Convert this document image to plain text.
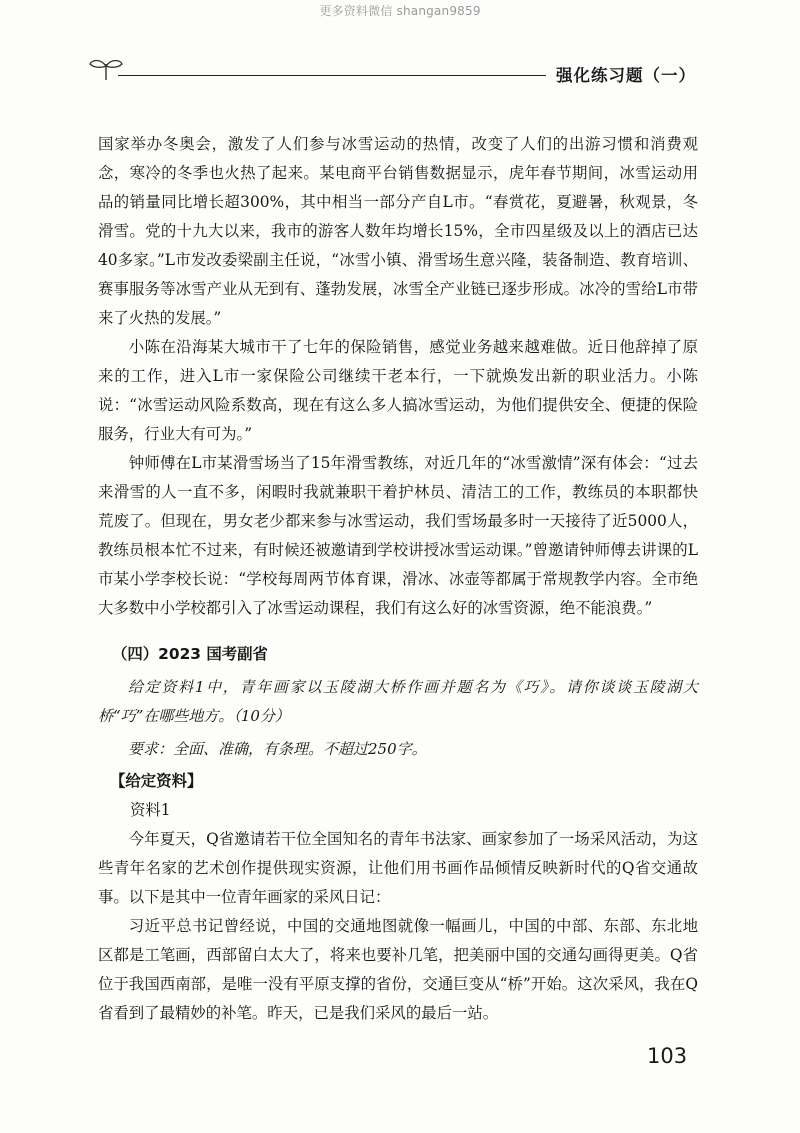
更多资料微信 shangan9859
强化练习题（一）

国家举办冬奥会，激发了人们参与冰雪运动的热情，改变了人们的出游习惯和消费观念，寒冷的冬季也火热了起来。某电商平台销售数据显示，虎年春节期间，冰雪运动用品的销量同比增长超300%，其中相当一部分产自L市。“春赏花，夏避暑，秋观景，冬滑雪。党的十九大以来，我市的游客人数年均增长15%，全市四星级及以上的酒店已达40多家。”L市发改委梁副主任说，“冰雪小镇、滑雪场生意兴隆，装备制造、教育培训、赛事服务等冰雪产业从无到有、蓬勃发展，冰雪全产业链已逐步形成。冰冷的雪给L市带来了火热的发展。”

小陈在沿海某大城市干了七年的保险销售，感觉业务越来越难做。近日他辞掉了原来的工作，进入L市一家保险公司继续干老本行，一下就焕发出新的职业活力。小陈说：“冰雪运动风险系数高，现在有这么多人搞冰雪运动，为他们提供安全、便捷的保险服务，行业大有可为。”

钟师傅在L市某滑雪场当了15年滑雪教练，对近几年的“冰雪激情”深有体会：“过去来滑雪的人一直不多，闲暇时我就兼职干着护林员、清洁工的工作，教练员的本职都快荒废了。但现在，男女老少都来参与冰雪运动，我们雪场最多时一天接待了近5000人，教练员根本忙不过来，有时候还被邀请到学校讲授冰雪运动课。”曾邀请钟师傅去讲课的L市某小学李校长说：“学校每周两节体育课，滑冰、冰壶等都属于常规教学内容。全市绝大多数中小学校都引入了冰雪运动课程，我们有这么好的冰雪资源，绝不能浪费。”

（四）2023 国考副省

给定资料1中，青年画家以玉陵湖大桥作画并题名为《巧》。请你谈谈玉陵湖大桥“巧”在哪些地方。（10分）

要求：全面、准确，有条理。不超过250字。

【给定资料】

资料1

今年夏天，Q省邀请若干位全国知名的青年书法家、画家参加了一场采风活动，为这些青年名家的艺术创作提供现实资源，让他们用书画作品倾情反映新时代的Q省交通故事。以下是其中一位青年画家的采风日记：

习近平总书记曾经说，中国的交通地图就像一幅画儿，中国的中部、东部、东北地区都是工笔画，西部留白太大了，将来也要补几笔，把美丽中国的交通勾画得更美。Q省位于我国西南部，是唯一没有平原支撑的省份，交通巨变从“桥”开始。这次采风，我在Q省看到了最精妙的补笔。昨天，已是我们采风的最后一站。

103
